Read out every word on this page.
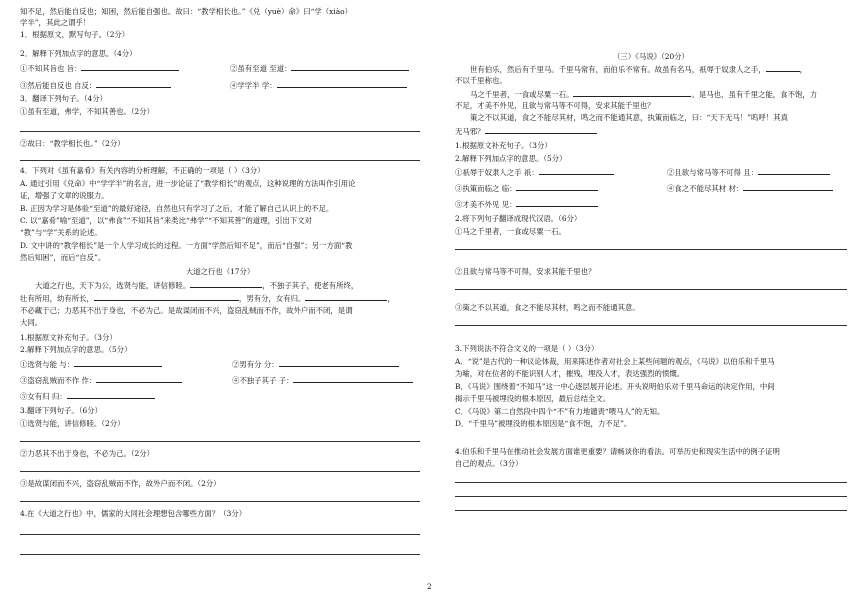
知不足，然后能自反也；知困，然后能自强也。故曰：“教学相长也。”《兑（yuè）命》曰“学（xiào）
学半”，其此之谓乎！
1．根据原文，默写句子。（2分）
2．解释下列加点字的意思。（4分）
①不知其旨也 旨：	②虽有至道 至道：
③然后能自反也 自反：	④学学半 学：
3．翻译下列句子。（4分）
①虽有至道，弗学，不知其善也。（2分）
②故曰：“教学相长也。”（2分）
4．下列对《虽有嘉肴》有关内容的分析理解，不正确的一项是（ ）（3分）
A. 通过引用《兑命》中“学学半”的名言，进一步论证了“教学相长”的观点，这种说理的方法叫作引用论
证，增强了文章的说服力。
B. 正因为学习是体验“至道”的最好途径，自然也只有学习了之后，才能了解自己认识上的不足。
C. 以“嘉肴”喻“至道”，以“弗食”“不知其旨”来类比“弗学”“不知其善”的道理，引出下文对
“教”与“学”关系的论述。
D. 文中讲的“教学相长”是一个人学习成长的过程。一方面“学然后知不足”，而后“自强”；另一方面“教
然后知困”，而后“自反”。
大道之行也（17分）
大道之行也，天下为公，选贤与能，讲信修睦。	，不独子其子，使老有所终，
壮有所用，幼有所长，	，男有分，女有归。	，
不必藏于己；力恶其不出于身也，不必为己。是故谋闭而不兴，盗窃乱贼而不作，故外户而不闭，是谓
大同。
1.根据原文补充句子。（3分）
2.解释下列加点字的意思。（5分）
①选贤与能 与：	②男有分 分：
③盗窃乱贼而不作 作：	④不独子其子 子：
⑤女有归 归：
3.翻译下列句子。（6分）
①选贤与能，讲信修睦。（2分）
②力恶其不出于身也，不必为己。（2分）
③是故谋闭而不兴，盗窃乱贼而不作，故外户而不闭。（2分）
4.在《大道之行也》中，儒家的大同社会理想包含哪些方面？（3分）
（三）《马说》（20分）
世有伯乐，然后有千里马。千里马常有，而伯乐不常有。故虽有名马，祇辱于奴隶人之手，	，
不以千里称也。
马之千里者，一食或尽粟一石。	。是马也，虽有千里之能，食不饱，力
不足，才美不外见，且欲与常马等不可得，安求其能千里也？
策之不以其道，食之不能尽其材，鸣之而不能通其意，执策而临之，曰：“天下无马！”呜呼！其真
无马邪？
1.根据原文补充句子。（3分）
2.解释下列加点字的意思。（5分）
①祇辱于奴隶人之手 祇：	②且欲与常马等不可得 且：
③执策而临之 临：	④食之不能尽其材 材：
⑤才美不外见 见：
2.将下列句子翻译成现代汉语。（6分）
①马之千里者，一食或尽粟一石。
②且欲与常马等不可得，安求其能千里也？
③策之不以其道，食之不能尽其材，鸣之而不能通其意。
3.下列说法不符合文义的一项是（ ）（3分）
A．“说”是古代的一种议论体裁，用来陈述作者对社会上某些问题的观点，《马说》以伯乐和千里马
为喻，对在位者的不能识别人才，摧残，埋没人才，表达强烈的愤慨。
B．《马说》围绕着“不知马”这一中心逐层展开论述。开头说明伯乐对千里马命运的决定作用，中间
揭示千里马被埋没的根本原因，最后总结全文。
C．《马说》第二自然段中四个“不”有力地谴责“喂马人”的无知。
D．“千里马”被埋没的根本原因是“食不饱，力不足”。
4.伯乐和千里马在推动社会发展方面谁更重要？请畅谈你的看法。可举历史和现实生活中的例子证明
自己的观点。（3分）
2
